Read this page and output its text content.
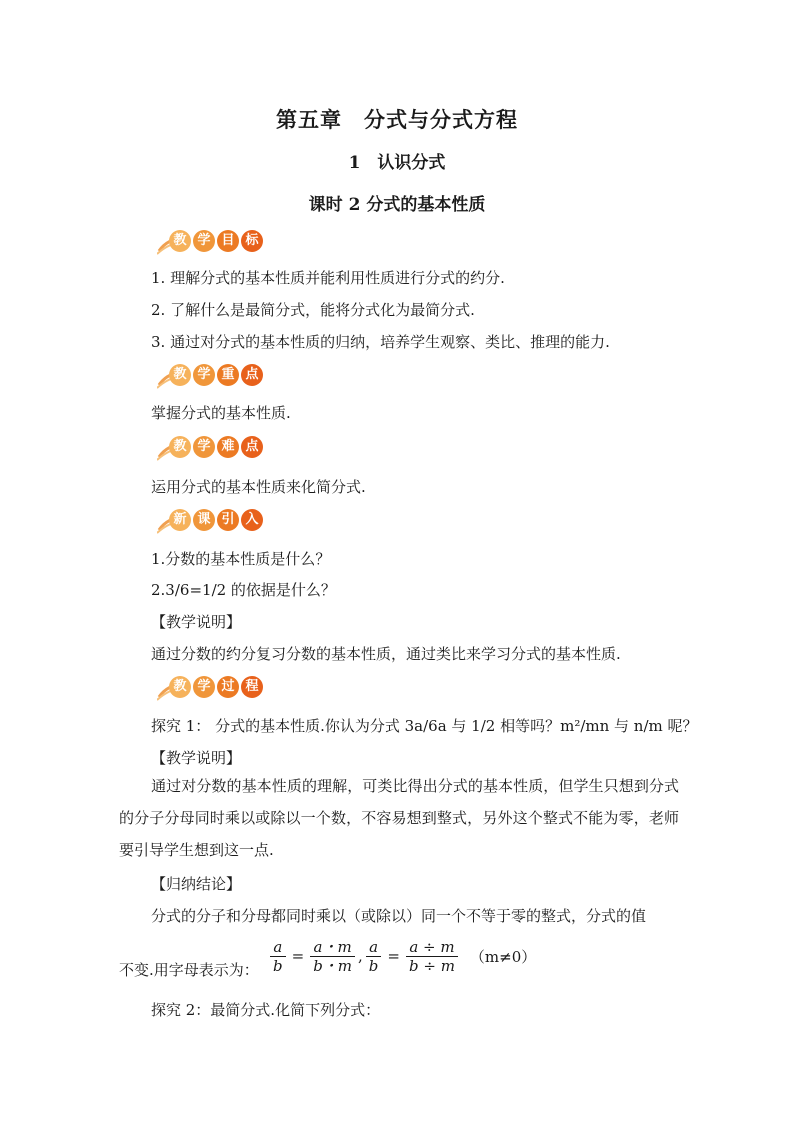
第五章　分式与分式方程
1　认识分式
课时 2 分式的基本性质
教 学 目 标
1. 理解分式的基本性质并能利用性质进行分式的约分.
2. 了解什么是最简分式，能将分式化为最简分式.
3. 通过对分式的基本性质的归纳，培养学生观察、类比、推理的能力.
教 学 重 点
掌握分式的基本性质.
教 学 难 点
运用分式的基本性质来化简分式.
新 课 引 入
1.分数的基本性质是什么？
2.3/6=1/2 的依据是什么？
【教学说明】
通过分数的约分复习分数的基本性质，通过类比来学习分式的基本性质.
教 学 过 程
探究 1： 分式的基本性质.你认为分式 3a/6a 与 1/2 相等吗？m²/mn 与 n/m 呢？
【教学说明】
通过对分数的基本性质的理解，可类比得出分式的基本性质，但学生只想到分式的分子分母同时乘以或除以一个数，不容易想到整式，另外这个整式不能为零，老师要引导学生想到这一点.
【归纳结论】
分式的分子和分母都同时乘以（或除以）同一个不等于零的整式，分式的值
不变.用字母表示为： $\frac{a}{b} = \frac{a・m}{b・m}$ , $\frac{a}{b} = \frac{a \div m}{b \div m} (m\ne 0)$
探究 2：最简分式.化简下列分式：
